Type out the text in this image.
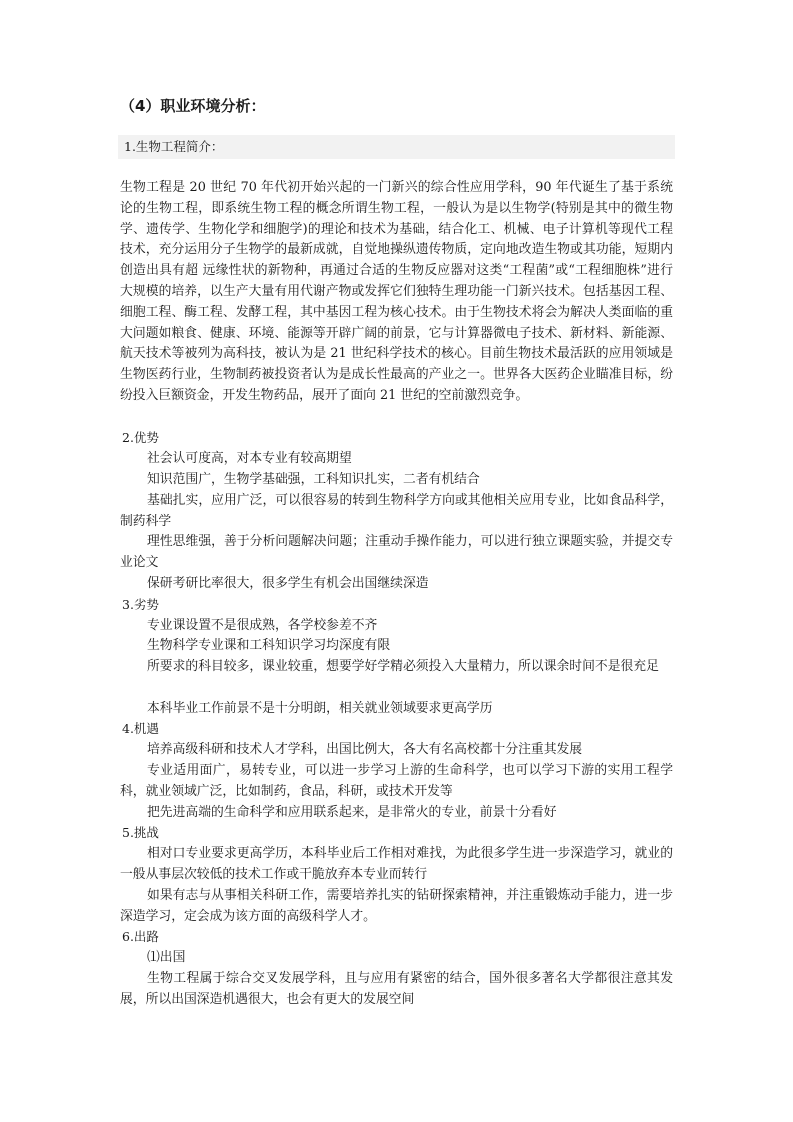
（4）职业环境分析：
1.生物工程简介：

生物工程是 20 世纪 70 年代初开始兴起的一门新兴的综合性应用学科，90 年代诞生了基于系统论的生物工程，即系统生物工程的概念所谓生物工程，一般认为是以生物学(特别是其中的微生物学、遗传学、生物化学和细胞学)的理论和技术为基础，结合化工、机械、电子计算机等现代工程技术，充分运用分子生物学的最新成就，自觉地操纵遗传物质，定向地改造生物或其功能，短期内创造出具有超 远缘性状的新物种，再通过合适的生物反应器对这类“工程菌”或“工程细胞株”进行大规模的培养，以生产大量有用代谢产物或发挥它们独特生理功能一门新兴技术。包括基因工程、细胞工程、酶工程、发酵工程，其中基因工程为核心技术。由于生物技术将会为解决人类面临的重大问题如粮食、健康、环境、能源等开辟广阔的前景，它与计算器微电子技术、新材料、新能源、航天技术等被列为高科技，被认为是 21 世纪科学技术的核心。目前生物技术最活跃的应用领域是生物医药行业，生物制药被投资者认为是成长性最高的产业之一。世界各大医药企业瞄准目标，纷纷投入巨额资金，开发生物药品，展开了面向 21 世纪的空前激烈竞争。

2.优势

社会认可度高，对本专业有较高期望

知识范围广，生物学基础强，工科知识扎实，二者有机结合

基础扎实，应用广泛，可以很容易的转到生物科学方向或其他相关应用专业，比如食品科学，制药科学

理性思维强，善于分析问题解决问题；注重动手操作能力，可以进行独立课题实验，并提交专业论文

保研考研比率很大，很多学生有机会出国继续深造

3.劣势

专业课设置不是很成熟，各学校参差不齐

生物科学专业课和工科知识学习均深度有限

所要求的科目较多，课业较重，想要学好学精必须投入大量精力，所以课余时间不是很充足

本科毕业工作前景不是十分明朗，相关就业领域要求更高学历

4.机遇

培养高级科研和技术人才学科，出国比例大，各大有名高校都十分注重其发展

专业适用面广，易转专业，可以进一步学习上游的生命科学，也可以学习下游的实用工程学科，就业领域广泛，比如制药，食品，科研，或技术开发等

把先进高端的生命科学和应用联系起来，是非常火的专业，前景十分看好

5.挑战

相对口专业要求更高学历，本科毕业后工作相对难找，为此很多学生进一步深造学习，就业的一般从事层次较低的技术工作或干脆放弃本专业而转行

如果有志与从事相关科研工作，需要培养扎实的钻研探索精神，并注重锻炼动手能力，进一步深造学习，定会成为该方面的高级科学人才。

6.出路

⑴出国

生物工程属于综合交叉发展学科，且与应用有紧密的结合，国外很多著名大学都很注意其发展，所以出国深造机遇很大，也会有更大的发展空间
